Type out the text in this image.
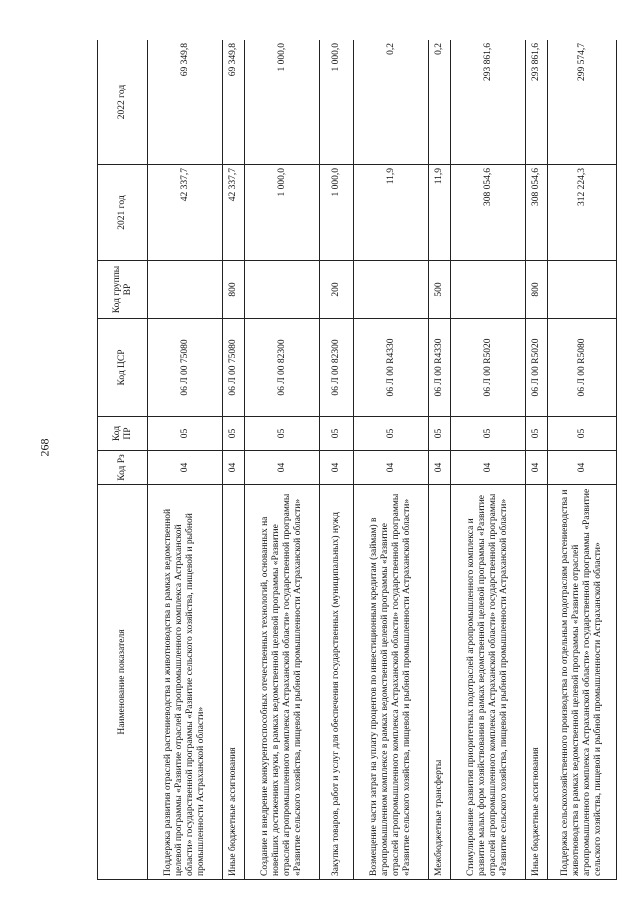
268
Наименование показателя	Код Рз	Код ПР	Код ЦСР	Код группы ВР	2021 год	2022 год
Поддержка развития отраслей растениеводства и животноводства в рамках ведомственной целевой программы «Развитие отраслей агропромышленного комплекса Астраханской области» государственной программы «Развитие сельского хозяйства, пищевой и рыбной промышленности Астраханской области»	04	05	06 Л 00 75080		42 337,7	69 349,8
Иные бюджетные ассигнования	04	05	06 Л 00 75080	800	42 337,7	69 349,8
Создание и внедрение конкурентоспособных отечественных технологий, основанных на новейших достижениях науки, в рамках ведомственной целевой программы «Развитие отраслей агропромышленного комплекса Астраханской области» государственной программы «Развитие сельского хозяйства, пищевой и рыбной промышленности Астраханской области»	04	05	06 Л 00 82300		1 000,0	1 000,0
Закупка товаров, работ и услуг для обеспечения государственных (муниципальных) нужд	04	05	06 Л 00 82300	200	1 000,0	1 000,0
Возмещение части затрат на уплату процентов по инвестиционным кредитам (займам) в агропромышленном комплексе в рамках ведомственной целевой программы «Развитие отраслей агропромышленного комплекса Астраханской области» государственной программы «Развитие сельского хозяйства, пищевой и рыбной промышленности Астраханской области»	04	05	06 Л 00 R4330		11,9	0,2
Межбюджетные трансферты	04	05	06 Л 00 R4330	500	11,9	0,2
Стимулирование развития приоритетных подотраслей агропромышленного комплекса и развитие малых форм хозяйствования в рамках ведомственной целевой программы «Развитие отраслей агропромышленного комплекса Астраханской области» государственной программы «Развитие сельского хозяйства, пищевой и рыбной промышленности Астраханской области»	04	05	06 Л 00 R5020		308 054,6	293 861,6
Иные бюджетные ассигнования	04	05	06 Л 00 R5020	800	308 054,6	293 861,6
Поддержка сельскохозяйственного производства по отдельным подотраслям растениеводства и животноводства в рамках ведомственной целевой программы «Развитие отраслей агропромышленного комплекса Астраханской области» государственной программы «Развитие сельского хозяйства, пищевой и рыбной промышленности Астраханской области»	04	05	06 Л 00 R5080		312 224,3	299 574,7
